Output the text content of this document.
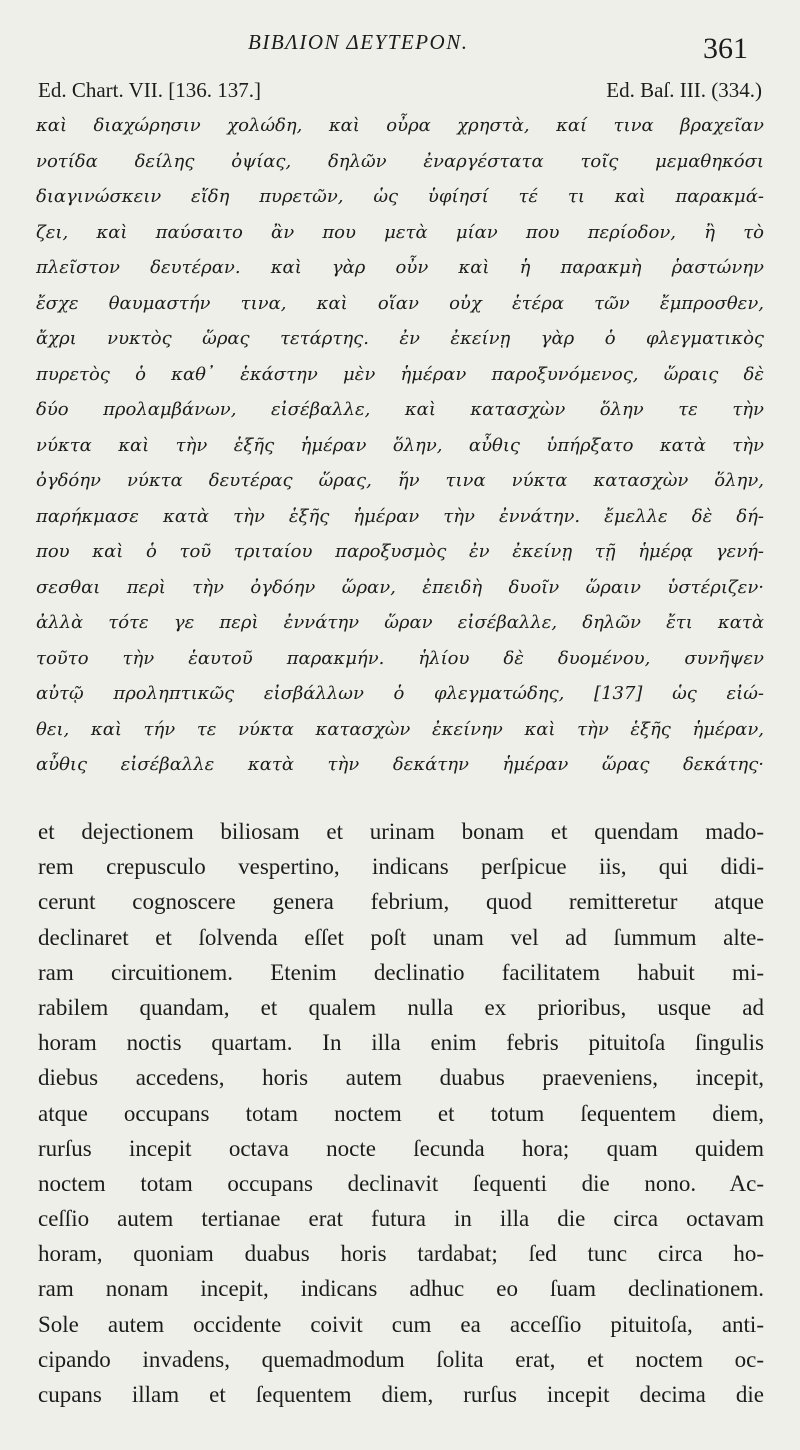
ΒΙΒΛΙΟΝ ΔΕΥΤΕΡΟΝ.	361
Ed. Chart. VII. [136. 137.]	Ed. Baſ. III. (334.)
καὶ διαχώρησιν χολώδη, καὶ οὖρα χρηστὰ, καί τινα βραχεῖαν
νοτίδα δείλης ὀψίας, δηλῶν ἐναργέστατα τοῖς μεμαθηκόσι
διαγινώσκειν εἴδη πυρετῶν, ὡς ὑφίησί τέ τι καὶ παρακμά-
ζει, καὶ παύσαιτο ἂν που μετὰ μίαν που περίοδον, ἢ τὸ
πλεῖστον δευτέραν. καὶ γὰρ οὖν καὶ ἡ παρακμὴ ῥαστώνην
ἔσχε θαυμαστήν τινα, καὶ οἵαν οὐχ ἑτέρα τῶν ἔμπροσθεν,
ἄχρι νυκτὸς ὥρας τετάρτης. ἐν ἐκείνῃ γὰρ ὁ φλεγματικὸς
πυρετὸς ὁ καθ᾽ ἑκάστην μὲν ἡμέραν παροξυνόμενος, ὥραις δὲ
δύο προλαμβάνων, εἰσέβαλλε, καὶ κατασχὼν ὅλην τε τὴν
νύκτα καὶ τὴν ἑξῆς ἡμέραν ὅλην, αὖθις ὑπήρξατο κατὰ τὴν
ὀγδόην νύκτα δευτέρας ὥρας, ἥν τινα νύκτα κατασχὼν ὅλην,
παρήκμασε κατὰ τὴν ἑξῆς ἡμέραν τὴν ἐννάτην. ἔμελλε δὲ δή-
που καὶ ὁ τοῦ τριταίου παροξυσμὸς ἐν ἐκείνῃ τῇ ἡμέρᾳ γενή-
σεσθαι περὶ τὴν ὀγδόην ὥραν, ἐπειδὴ δυοῖν ὥραιν ὑστέριζεν·
ἀλλὰ τότε γε περὶ ἐννάτην ὥραν εἰσέβαλλε, δηλῶν ἔτι κατὰ
τοῦτο τὴν ἑαυτοῦ παρακμήν. ἡλίου δὲ δυομένου, συνῆψεν
αὐτῷ προληπτικῶς εἰσβάλλων ὁ φλεγματώδης, [137] ὡς εἰώ-
θει, καὶ τήν τε νύκτα κατασχὼν ἐκείνην καὶ τὴν ἑξῆς ἡμέραν,
αὖθις εἰσέβαλλε κατὰ τὴν δεκάτην ἡμέραν ὥρας δεκάτης·
et dejectionem biliosam et urinam bonam et quendam mado-
rem crepusculo vespertino, indicans perſpicue iis, qui didi-
cerunt cognoscere genera febrium, quod remitteretur atque
declinaret et ſolvenda eſſet poſt unam vel ad ſummum alte-
ram circuitionem. Etenim declinatio facilitatem habuit mi-
rabilem quandam, et qualem nulla ex prioribus, usque ad
horam noctis quartam. In illa enim febris pituitoſa ſingulis
diebus accedens, horis autem duabus praeveniens, incepit,
atque occupans totam noctem et totum ſequentem diem,
rurſus incepit octava nocte ſecunda hora; quam quidem
noctem totam occupans declinavit ſequenti die nono. Ac-
ceſſio autem tertianae erat futura in illa die circa octavam
horam, quoniam duabus horis tardabat; ſed tunc circa ho-
ram nonam incepit, indicans adhuc eo ſuam declinationem.
Sole autem occidente coivit cum ea acceſſio pituitoſa, anti-
cipando invadens, quemadmodum ſolita erat, et noctem oc-
cupans illam et ſequentem diem, rurſus incepit decima die
